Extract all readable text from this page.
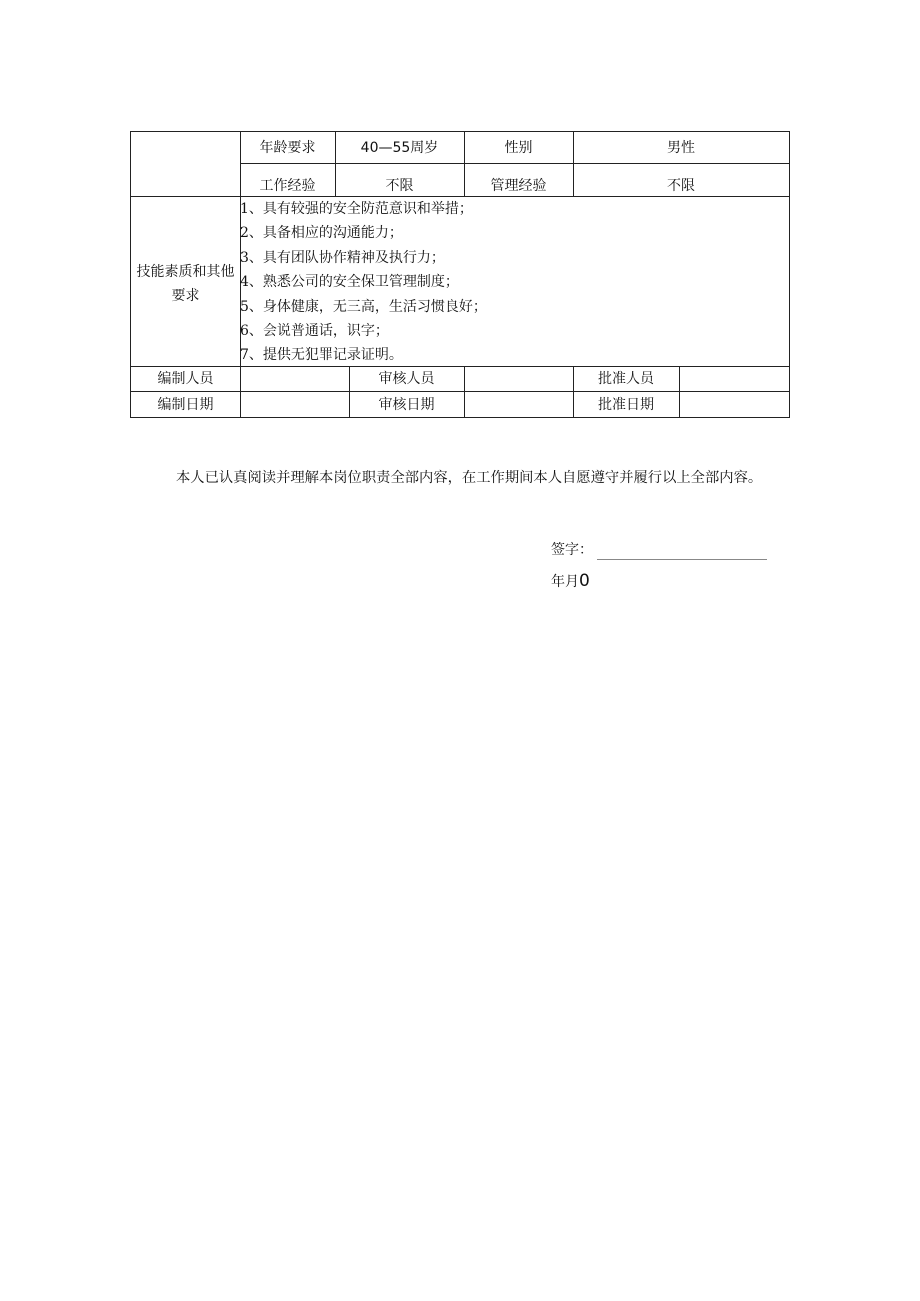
年龄要求	40—55周岁	性别	男性
工作经验	不限	管理经验	不限
技能素质和其他要求
1、具有较强的安全防范意识和举措；
2、具备相应的沟通能力；
3、具有团队协作精神及执行力；
4、熟悉公司的安全保卫管理制度；
5、身体健康，无三高，生活习惯良好；
6、会说普通话，识字；
7、提供无犯罪记录证明。
编制人员	审核人员	批准人员
编制日期	审核日期	批准日期
本人已认真阅读并理解本岗位职责全部内容，在工作期间本人自愿遵守并履行以上全部内容。
签字：
年月0
